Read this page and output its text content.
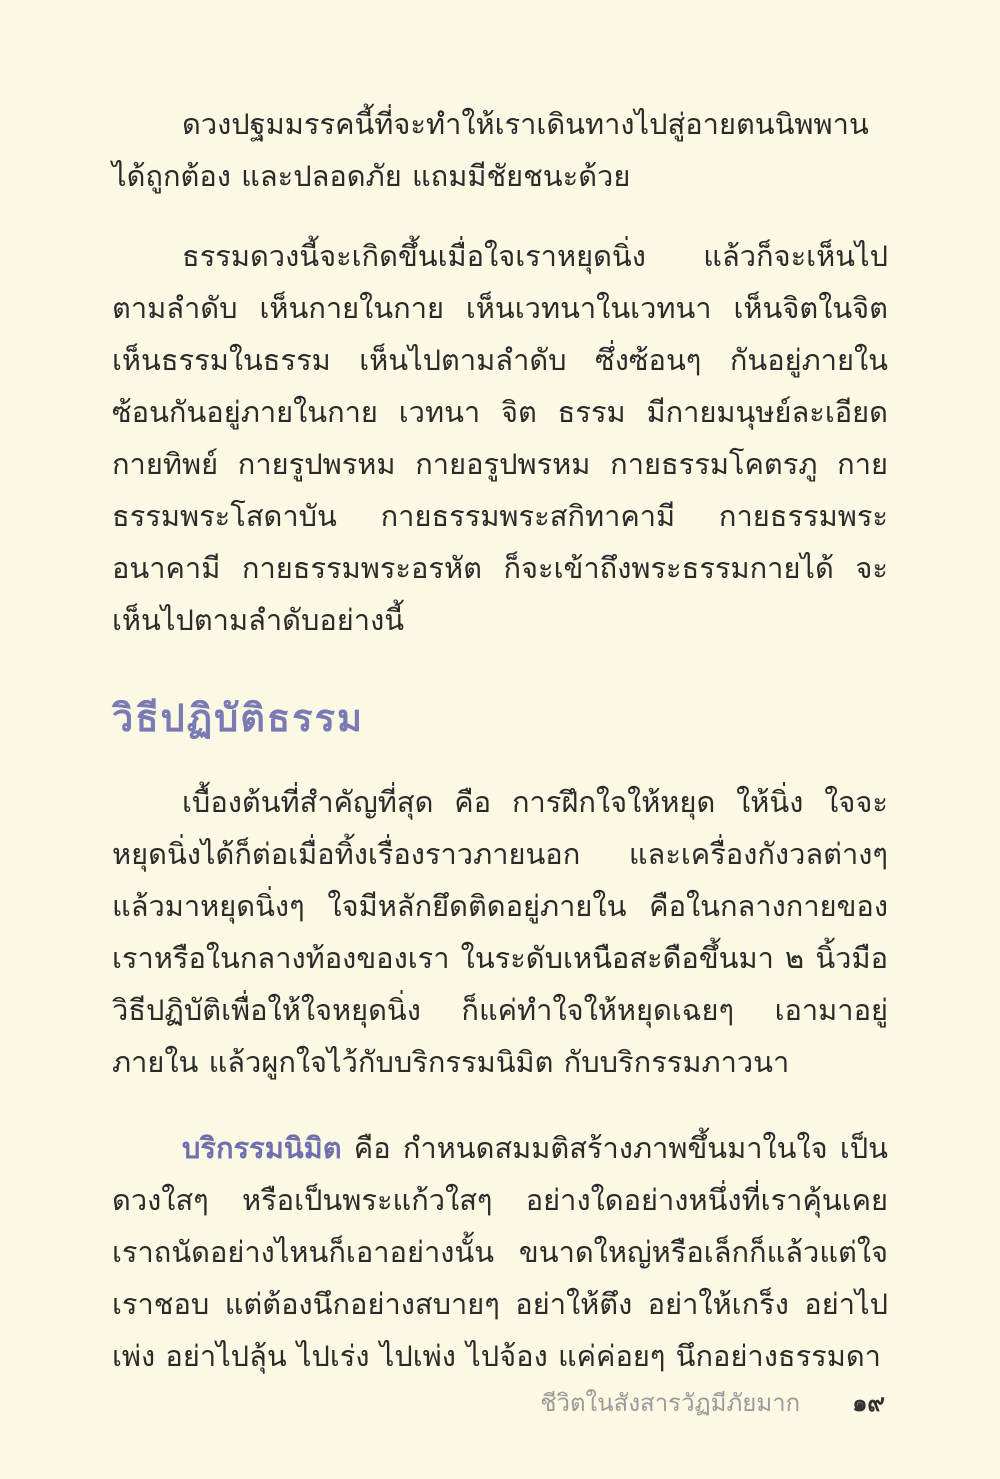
ดวงปฐมมรรคนี้ที่จะทำให้เราเดินทางไปสู่อายตนนิพพาน ได้ถูกต้อง และปลอดภัย แถมมีชัยชนะด้วย

ธรรมดวงนี้จะเกิดขึ้นเมื่อใจเราหยุดนิ่ง แล้วก็จะเห็นไปตามลำดับ เห็นกายในกาย เห็นเวทนาในเวทนา เห็นจิตในจิต เห็นธรรมในธรรม เห็นไปตามลำดับ ซึ่งซ้อนๆ กันอยู่ภายใน ซ้อนกันอยู่ภายในกาย เวทนา จิต ธรรม มีกายมนุษย์ละเอียด กายทิพย์ กายรูปพรหม กายอรูปพรหม กายธรรมโคตรภู กายธรรมพระโสดาบัน กายธรรมพระสกิทาคามี กายธรรมพระอนาคามี กายธรรมพระอรหัต ก็จะเข้าถึงพระธรรมกายได้ จะเห็นไปตามลำดับอย่างนี้

วิธีปฏิบัติธรรม

เบื้องต้นที่สำคัญที่สุด คือ การฝึกใจให้หยุด ให้นิ่ง ใจจะหยุดนิ่งได้ก็ต่อเมื่อทิ้งเรื่องราวภายนอก และเครื่องกังวลต่างๆ แล้วมาหยุดนิ่งๆ ใจมีหลักยึดติดอยู่ภายใน คือในกลางกายของเราหรือในกลางท้องของเรา ในระดับเหนือสะดือขึ้นมา ๒ นิ้วมือ วิธีปฏิบัติเพื่อให้ใจหยุดนิ่ง ก็แค่ทำใจให้หยุดเฉยๆ เอามาอยู่ภายใน แล้วผูกใจไว้กับบริกรรมนิมิต กับบริกรรมภาวนา

บริกรรมนิมิต คือ กำหนดสมมติสร้างภาพขึ้นมาในใจ เป็นดวงใสๆ หรือเป็นพระแก้วใสๆ อย่างใดอย่างหนึ่งที่เราคุ้นเคย เราถนัดอย่างไหนก็เอาอย่างนั้น ขนาดใหญ่หรือเล็กก็แล้วแต่ใจเราชอบ แต่ต้องนึกอย่างสบายๆ อย่าให้ตึง อย่าให้เกร็ง อย่าไปเพ่ง อย่าไปลุ้น ไปเร่ง ไปเพ่ง ไปจ้อง แค่ค่อยๆ นึกอย่างธรรมดา

ชีวิตในสังสารวัฏมีภัยมาก ๑๙
